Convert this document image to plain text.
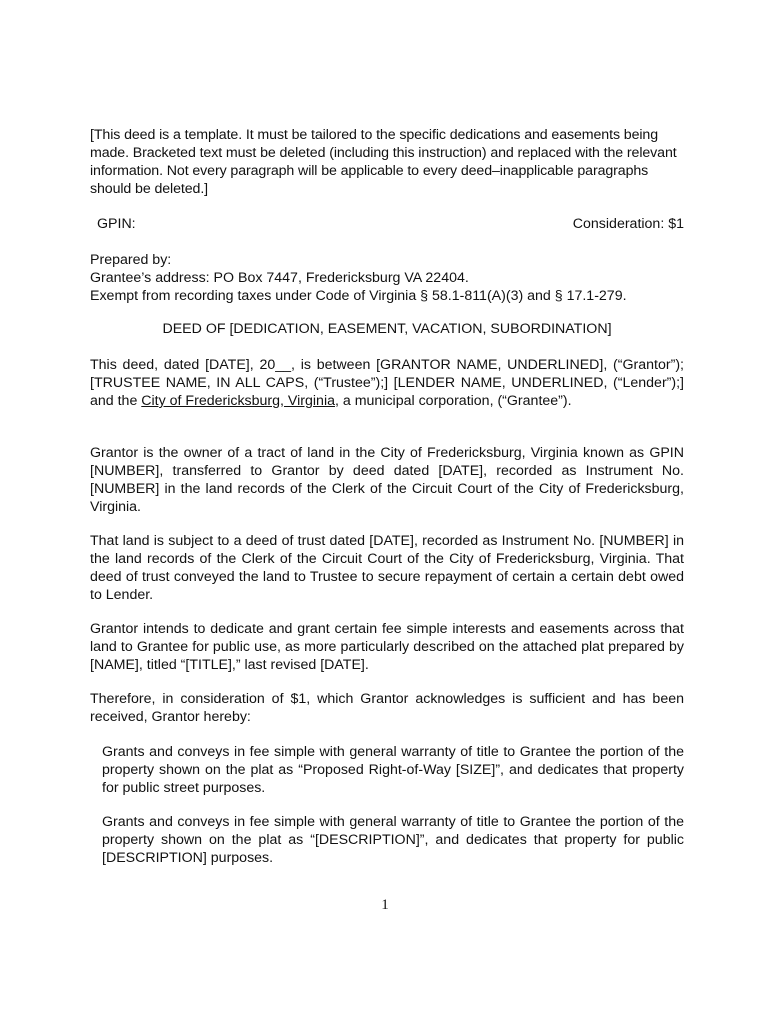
[This deed is a template. It must be tailored to the specific dedications and easements being made. Bracketed text must be deleted (including this instruction) and replaced with the relevant information. Not every paragraph will be applicable to every deed–inapplicable paragraphs should be deleted.]
GPIN:	Consideration: $1
Prepared by:
Grantee’s address: PO Box 7447, Fredericksburg VA 22404.
Exempt from recording taxes under Code of Virginia § 58.1-811(A)(3) and § 17.1-279.
DEED OF [DEDICATION, EASEMENT, VACATION, SUBORDINATION]
This deed, dated [DATE], 20__, is between [GRANTOR NAME, UNDERLINED], (“Grantor”); [TRUSTEE NAME, IN ALL CAPS, (“Trustee”);] [LENDER NAME, UNDERLINED, (“Lender”);] and the City of Fredericksburg, Virginia, a municipal corporation, (“Grantee”).
Grantor is the owner of a tract of land in the City of Fredericksburg, Virginia known as GPIN [NUMBER], transferred to Grantor by deed dated [DATE], recorded as Instrument No. [NUMBER] in the land records of the Clerk of the Circuit Court of the City of Fredericksburg, Virginia.
That land is subject to a deed of trust dated [DATE], recorded as Instrument No. [NUMBER] in the land records of the Clerk of the Circuit Court of the City of Fredericksburg, Virginia. That deed of trust conveyed the land to Trustee to secure repayment of certain a certain debt owed to Lender.
Grantor intends to dedicate and grant certain fee simple interests and easements across that land to Grantee for public use, as more particularly described on the attached plat prepared by [NAME], titled “[TITLE],” last revised [DATE].
Therefore, in consideration of $1, which Grantor acknowledges is sufficient and has been received, Grantor hereby:
Grants and conveys in fee simple with general warranty of title to Grantee the portion of the property shown on the plat as “Proposed Right-of-Way [SIZE]”, and dedicates that property for public street purposes.
Grants and conveys in fee simple with general warranty of title to Grantee the portion of the property shown on the plat as “[DESCRIPTION]”, and dedicates that property for public [DESCRIPTION] purposes.
1
